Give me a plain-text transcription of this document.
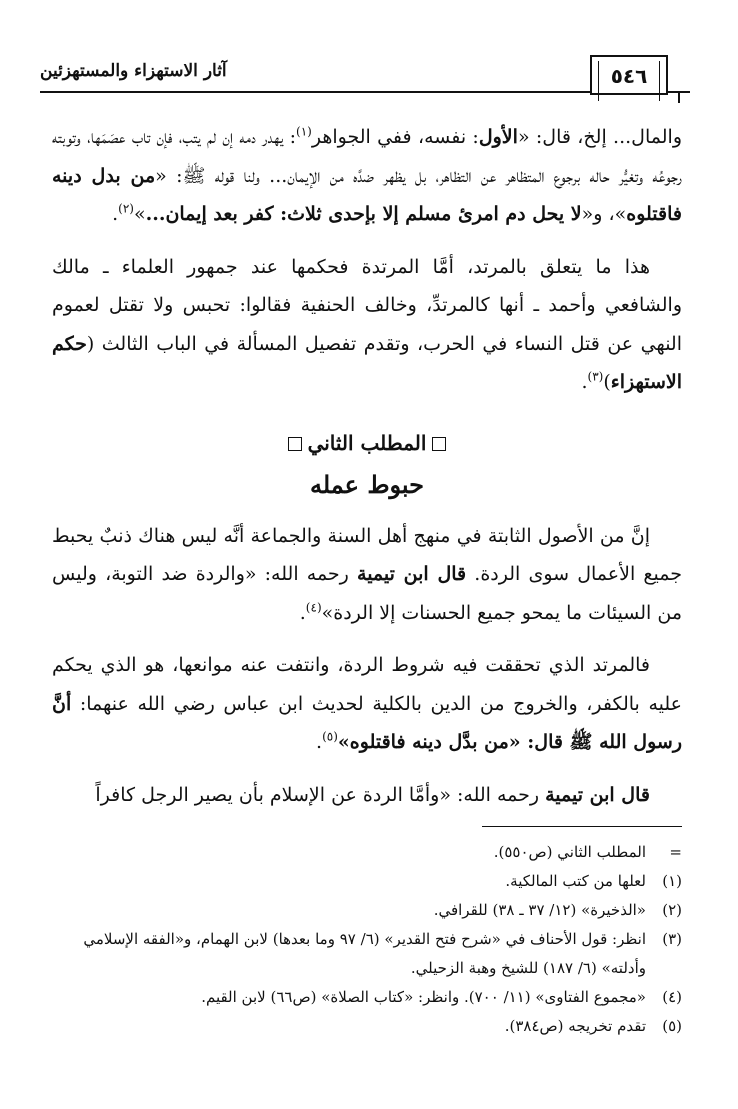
آثار الاستهزاء والمستهزئين	٥٤٦

والمال... إلخ، قال: «الأول: نفسه، ففي الجواهر$^{(١)}$: يهدر دمه إن لم يتب، فإن تاب عصَمَها، وتوبته رجوعُه وتغيُّر حاله برجوع المتظاهر عن التظاهر، بل يظهر ضدَّه من الإيمان... ولنا قوله ﷺ: «من بدل دينه فاقتلوه»، و«لا يحل دم امرئ مسلم إلا بإحدى ثلاث: كفر بعد إيمان...»$^{(٢)}$.

هذا ما يتعلق بالمرتد، أمَّا المرتدة فحكمها عند جمهور العلماء ـ مالك والشافعي وأحمد ـ أنها كالمرتدِّ، وخالف الحنفية فقالوا: تحبس ولا تقتل لعموم النهي عن قتل النساء في الحرب، وتقدم تفصيل المسألة في الباب الثالث (حكم الاستهزاء)$^{(٣)}$.

المطلب الثاني
حبوط عمله

إنَّ من الأصول الثابتة في منهج أهل السنة والجماعة أنَّه ليس هناك ذنبٌ يحبط جميع الأعمال سوى الردة. قال ابن تيمية رحمه الله: «والردة ضد التوبة، وليس من السيئات ما يمحو جميع الحسنات إلا الردة»$^{(٤)}$.

فالمرتد الذي تحققت فيه شروط الردة، وانتفت عنه موانعها، هو الذي يحكم عليه بالكفر، والخروج من الدين بالكلية لحديث ابن عباس رضي الله عنهما: أنَّ رسول الله ﷺ قال: «من بدَّل دينه فاقتلوه»$^{(٥)}$.

قال ابن تيمية رحمه الله: «وأمَّا الردة عن الإسلام بأن يصير الرجل كافراً

=
المطلب الثاني (ص٥٥٠).
(١)
لعلها من كتب المالكية.
(٢)
«الذخيرة» (١٢/ ٣٧ ـ ٣٨) للقرافي.
(٣)
انظر: قول الأحناف في «شرح فتح القدير» (٦/ ٩٧ وما بعدها) لابن الهمام، و«الفقه الإسلامي وأدلته» (٦/ ١٨٧) للشيخ وهبة الزحيلي.
(٤)
«مجموع الفتاوى» (١١/ ٧٠٠). وانظر: «كتاب الصلاة» (ص٦٦) لابن القيم.
(٥)
تقدم تخريجه (ص٣٨٤).
